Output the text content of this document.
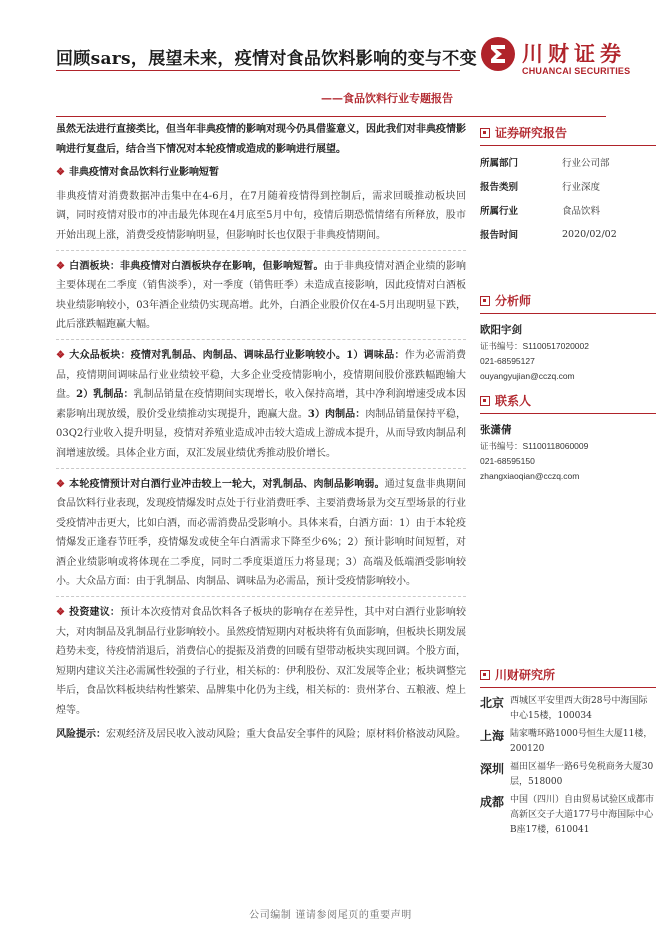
回顾sars，展望未来，疫情对食品饮料影响的变与不变
——食品饮料行业专题报告
川财证券
CHUANCAI SECURITIES

虽然无法进行直接类比，但当年非典疫情的影响对现今仍具借鉴意义，因此我们对非典疫情影响进行复盘后，结合当下情况对本轮疫情或造成的影响进行展望。

❖ 非典疫情对食品饮料行业影响短暂

非典疫情对消费数据冲击集中在4-6月，在7月随着疫情得到控制后，需求回暖推动板块回调，同时疫情对股市的冲击最先体现在4月底至5月中旬，疫情后期恐慌情绪有所释放，股市开始出现上涨，消费受疫情影响明显，但影响时长也仅限于非典疫情期间。

❖ 白酒板块：非典疫情对白酒板块存在影响，但影响短暂。由于非典疫情对酒企业绩的影响主要体现在二季度（销售淡季），对一季度（销售旺季）未造成直接影响，因此疫情对白酒板块业绩影响较小，03年酒企业绩仍实现高增。此外，白酒企业股价仅在4-5月出现明显下跌，此后涨跌幅跑赢大幅。

❖ 大众品板块：疫情对乳制品、肉制品、调味品行业影响较小。1）调味品：作为必需消费品，疫情期间调味品行业业绩较平稳，大多企业受疫情影响小，疫情期间股价涨跌幅跑输大盘。2）乳制品：乳制品销量在疫情期间实现增长，收入保持高增，其中净利润增速受成本因素影响出现放缓，股价受业绩推动实现提升，跑赢大盘。3）肉制品：肉制品销量保持平稳，03Q2行业收入提升明显，疫情对养殖业造成冲击较大造成上游成本提升，从而导致肉制品利润增速放缓。具体企业方面，双汇发展业绩优秀推动股价增长。

❖ 本轮疫情预计对白酒行业冲击较上一轮大，对乳制品、肉制品影响弱。通过复盘非典期间食品饮料行业表现，发现疫情爆发时点处于行业消费旺季、主要消费场景为交互型场景的行业受疫情冲击更大，比如白酒，而必需消费品受影响小。具体来看，白酒方面：1）由于本轮疫情爆发正逢春节旺季，疫情爆发或使全年白酒需求下降至少6%；2）预计影响时间短暂，对酒企业绩影响或将体现在二季度，同时二季度渠道压力将显现；3）高端及低端酒受影响较小。大众品方面：由于乳制品、肉制品、调味品为必需品，预计受疫情影响较小。

❖ 投资建议：预计本次疫情对食品饮料各子板块的影响存在差异性，其中对白酒行业影响较大，对肉制品及乳制品行业影响较小。虽然疫情短期内对板块将有负面影响，但板块长期发展趋势未变，待疫情消退后，消费信心的提振及消费的回暖有望带动板块实现回调。个股方面，短期内建议关注必需属性较强的子行业，相关标的：伊利股份、双汇发展等企业；板块调整完毕后，食品饮料板块结构性繁荣、品牌集中化仍为主线，相关标的：贵州茅台、五粮液、煌上煌等。

风险提示：宏观经济及居民收入波动风险；重大食品安全事件的风险；原材料价格波动风险。

证券研究报告
所属部门	行业公司部
报告类别	行业深度
所属行业	食品饮料
报告时间	2020/02/02
分析师
欧阳宇剑
证书编号：S1100517020002
021-68595127
ouyangyujian@cczq.com
联系人
张潇倩
证书编号：S1100118060009
021-68595150
zhangxiaoqian@cczq.com
川财研究所
北京 西城区平安里西大街28号中海国际中心15楼，100034
上海 陆家嘴环路1000号恒生大厦11楼，200120
深圳 福田区福华一路6号免税商务大厦30层，518000
成都 中国（四川）自由贸易试验区成都市高新区交子大道177号中海国际中心B座17楼，610041
公司编制 谨请参阅尾页的重要声明
